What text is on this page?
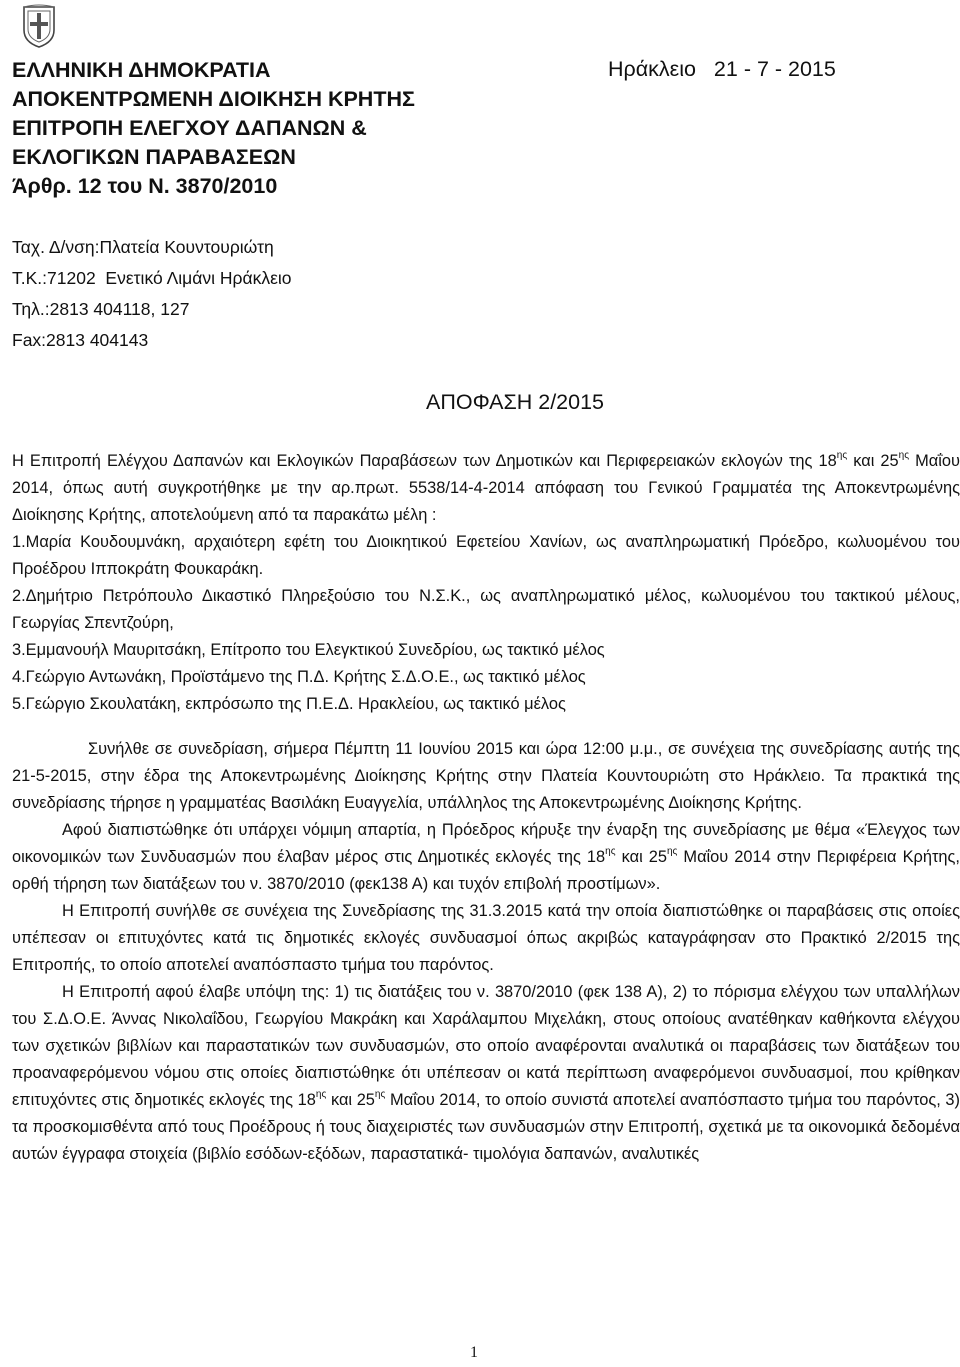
ΕΛΛΗΝΙΚΗ ΔΗΜΟΚΡΑΤΙΑ
ΑΠΟΚΕΝΤΡΩΜΕΝΗ ΔΙΟΙΚΗΣΗ ΚΡΗΤΗΣ
ΕΠΙΤΡΟΠΗ ΕΛΕΓΧΟΥ ΔΑΠΑΝΩΝ &
ΕΚΛΟΓΙΚΩΝ ΠΑΡΑΒΑΣΕΩΝ
Άρθρ. 12 του Ν. 3870/2010
Ηράκλειο   21 - 7 - 2015
Ταχ. Δ/νση:Πλατεία Κουντουριώτη
Τ.Κ.:71202  Ενετικό Λιμάνι Ηράκλειο
Τηλ.:2813 404118, 127
Fax:2813 404143
ΑΠΟΦΑΣΗ 2/2015

Η Επιτροπή Ελέγχου Δαπανών και Εκλογικών Παραβάσεων των Δημοτικών και Περιφερειακών εκλογών της $18^{\eta\varsigma}$ και $25^{\eta\varsigma}$ Μαΐου 2014, όπως αυτή συγκροτήθηκε με την αρ.πρωτ. 5538/14-4-2014 απόφαση του Γενικού Γραμματέα της Αποκεντρωμένης Διοίκησης Κρήτης, αποτελούμενη από τα παρακάτω μέλη :

1.Μαρία Κουδουμνάκη, αρχαιότερη εφέτη του Διοικητικού Εφετείου Χανίων, ως αναπληρωματική Πρόεδρο, κωλυομένου του Προέδρου Ιπποκράτη Φουκαράκη.

2.Δημήτριο Πετρόπουλο Δικαστικό Πληρεξούσιο του Ν.Σ.Κ., ως αναπληρωματικό μέλος, κωλυομένου του τακτικού μέλους, Γεωργίας Σπεντζούρη,

3.Εμμανουήλ Μαυριτσάκη, Επίτροπο του Ελεγκτικού Συνεδρίου, ως τακτικό μέλος

4.Γεώργιο Αντωνάκη, Προϊστάμενο της Π.Δ. Κρήτης Σ.Δ.Ο.Ε., ως τακτικό μέλος

5.Γεώργιο Σκουλατάκη, εκπρόσωπο της Π.Ε.Δ. Ηρακλείου, ως τακτικό μέλος

Συνήλθε σε συνεδρίαση, σήμερα Πέμπτη 11 Ιουνίου 2015 και ώρα 12:00 μ.μ., σε συνέχεια της συνεδρίασης αυτής της 21-5-2015, στην έδρα της Αποκεντρωμένης Διοίκησης Κρήτης στην Πλατεία Κουντουριώτη στο Ηράκλειο. Τα πρακτικά της συνεδρίασης τήρησε η γραμματέας Βασιλάκη Ευαγγελία, υπάλληλος της Αποκεντρωμένης Διοίκησης Κρήτης.

Αφού διαπιστώθηκε ότι υπάρχει νόμιμη απαρτία, η Πρόεδρος κήρυξε την έναρξη της συνεδρίασης με θέμα «Έλεγχος των οικονομικών των Συνδυασμών που έλαβαν μέρος στις Δημοτικές εκλογές της $18^{\eta\varsigma}$ και $25^{\eta\varsigma}$ Μαΐου 2014 στην Περιφέρεια Κρήτης, ορθή τήρηση των διατάξεων του ν. 3870/2010 (φεκ138 Α) και τυχόν επιβολή προστίμων».

Η Επιτροπή συνήλθε σε συνέχεια της Συνεδρίασης της 31.3.2015 κατά την οποία διαπιστώθηκε οι παραβάσεις στις οποίες υπέπεσαν οι επιτυχόντες κατά τις δημοτικές εκλογές συνδυασμοί όπως ακριβώς καταγράφησαν στο Πρακτικό 2/2015 της Επιτροπής, το οποίο αποτελεί αναπόσπαστο τμήμα του παρόντος.

Η Επιτροπή αφού έλαβε υπόψη της: 1) τις διατάξεις του ν. 3870/2010 (φεκ 138 Α), 2) το πόρισμα ελέγχου των υπαλλήλων του Σ.Δ.Ο.Ε. Άννας Νικολαΐδου, Γεωργίου Μακράκη και Χαράλαμπου Μιχελάκη, στους οποίους ανατέθηκαν καθήκοντα ελέγχου των σχετικών βιβλίων και παραστατικών των συνδυασμών, στο οποίο αναφέρονται αναλυτικά οι παραβάσεις των διατάξεων του προαναφερόμενου νόμου στις οποίες διαπιστώθηκε ότι υπέπεσαν οι κατά περίπτωση αναφερόμενοι συνδυασμοί, που κρίθηκαν επιτυχόντες στις δημοτικές εκλογές της $18^{\eta\varsigma}$ και $25^{\eta\varsigma}$ Μαΐου 2014, το οποίο συνιστά αποτελεί αναπόσπαστο τμήμα του παρόντος, 3) τα προσκομισθέντα από τους Προέδρους ή τους διαχειριστές των συνδυασμών στην Επιτροπή, σχετικά με τα οικονομικά δεδομένα αυτών έγγραφα στοιχεία (βιβλίο εσόδων-εξόδων, παραστατικά- τιμολόγια δαπανών, αναλυτικές

1
